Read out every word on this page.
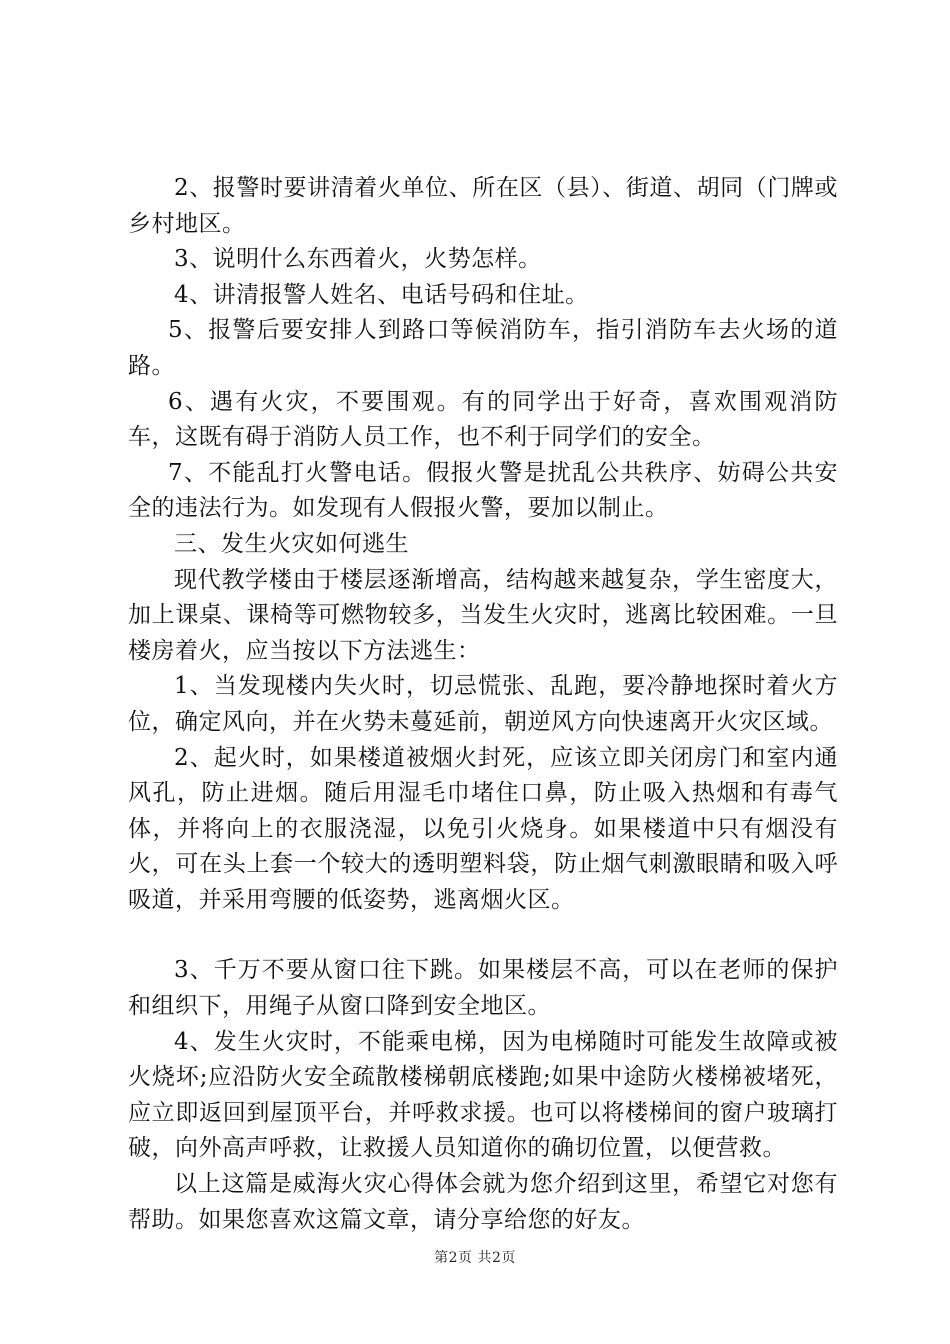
2、报警时要讲清着火单位、所在区（县）、街道、胡同（门牌或乡村地区。

3、说明什么东西着火，火势怎样。

4、讲清报警人姓名、电话号码和住址。

5、报警后要安排人到路口等候消防车，指引消防车去火场的道路。

6、遇有火灾，不要围观。有的同学出于好奇，喜欢围观消防车，这既有碍于消防人员工作，也不利于同学们的安全。

7、不能乱打火警电话。假报火警是扰乱公共秩序、妨碍公共安全的违法行为。如发现有人假报火警，要加以制止。

三、发生火灾如何逃生

现代教学楼由于楼层逐渐增高，结构越来越复杂，学生密度大，加上课桌、课椅等可燃物较多，当发生火灾时，逃离比较困难。一旦楼房着火，应当按以下方法逃生：

1、当发现楼内失火时，切忌慌张、乱跑，要冷静地探时着火方位，确定风向，并在火势未蔓延前，朝逆风方向快速离开火灾区域。

2、起火时，如果楼道被烟火封死，应该立即关闭房门和室内通风孔，防止进烟。随后用湿毛巾堵住口鼻，防止吸入热烟和有毒气体，并将向上的衣服浇湿，以免引火烧身。如果楼道中只有烟没有火，可在头上套一个较大的透明塑料袋，防止烟气刺激眼睛和吸入呼吸道，并采用弯腰的低姿势，逃离烟火区。

3、千万不要从窗口往下跳。如果楼层不高，可以在老师的保护和组织下，用绳子从窗口降到安全地区。

4、发生火灾时，不能乘电梯，因为电梯随时可能发生故障或被火烧坏;应沿防火安全疏散楼梯朝底楼跑;如果中途防火楼梯被堵死，应立即返回到屋顶平台，并呼救求援。也可以将楼梯间的窗户玻璃打破，向外高声呼救，让救援人员知道你的确切位置，以便营救。

以上这篇是威海火灾心得体会就为您介绍到这里，希望它对您有帮助。如果您喜欢这篇文章，请分享给您的好友。

第2页 共2页
